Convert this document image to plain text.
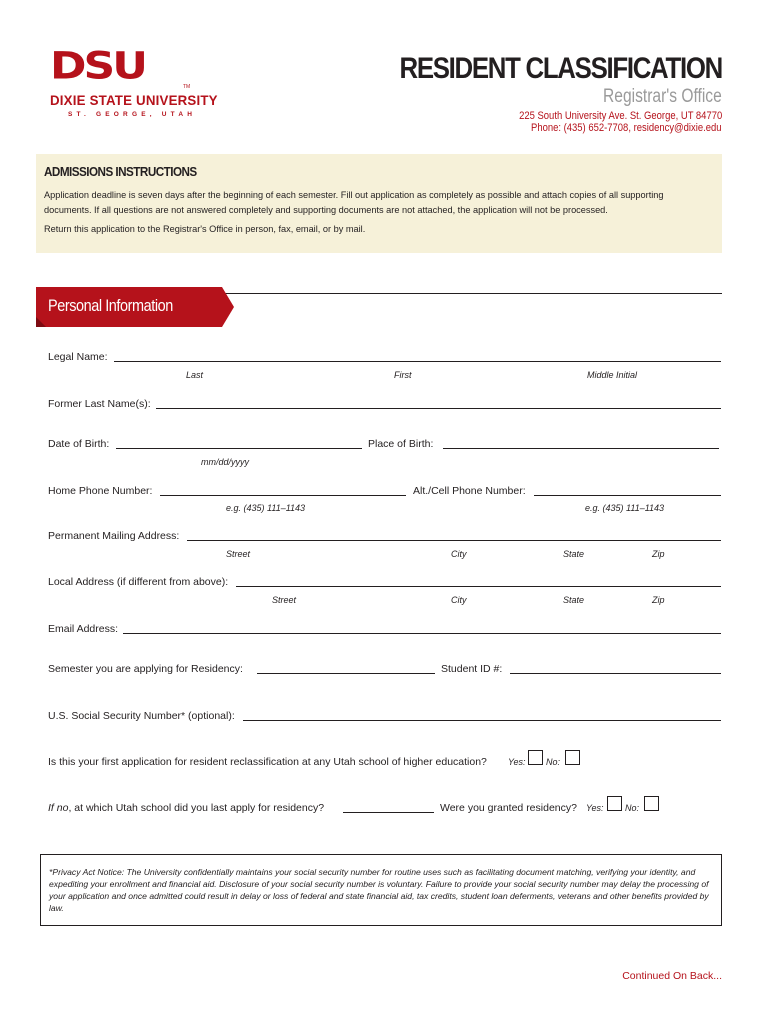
DSU	TM
DIXIE STATE UNIVERSITY
ST. GEORGE, UTAH
RESIDENT CLASSIFICATION
Registrar's Office
225 South University Ave. St. George, UT 84770
Phone: (435) 652-7708, residency@dixie.edu
ADMISSIONS INSTRUCTIONS
Application deadline is seven days after the beginning of each semester. Fill out application as completely as possible and attach copies of all supporting documents. If all questions are not answered completely and supporting documents are not attached, the application will not be processed.
Return this application to the Registrar's Office in person, fax, email, or by mail.
Personal Information
Legal Name:
Last	First	Middle Initial
Former Last Name(s):
Date of Birth:
mm/dd/yyyy
Place of Birth:
Home Phone Number:
e.g. (435) 111–1143
Alt./Cell Phone Number:
e.g. (435) 111–1143
Permanent Mailing Address:
Street	City	State	Zip
Local Address (if different from above):
Street	City	State	Zip
Email Address:
Semester you are applying for Residency:	Student ID #:
U.S. Social Security Number* (optional):
Is this your first application for resident reclassification at any Utah school of higher education? Yes: No:
If no, at which Utah school did you last apply for residency?	Were you granted residency? Yes: No:
*Privacy Act Notice: The University confidentially maintains your social security number for routine uses such as facilitating document matching, verifying your identity, and expediting your enrollment and financial aid. Disclosure of your social security number is voluntary. Failure to provide your social security number may delay the processing of your application and once admitted could result in delay or loss of federal and state financial aid, tax credits, student loan deferments, veterans and other benefits provided by law.
Continued On Back...
